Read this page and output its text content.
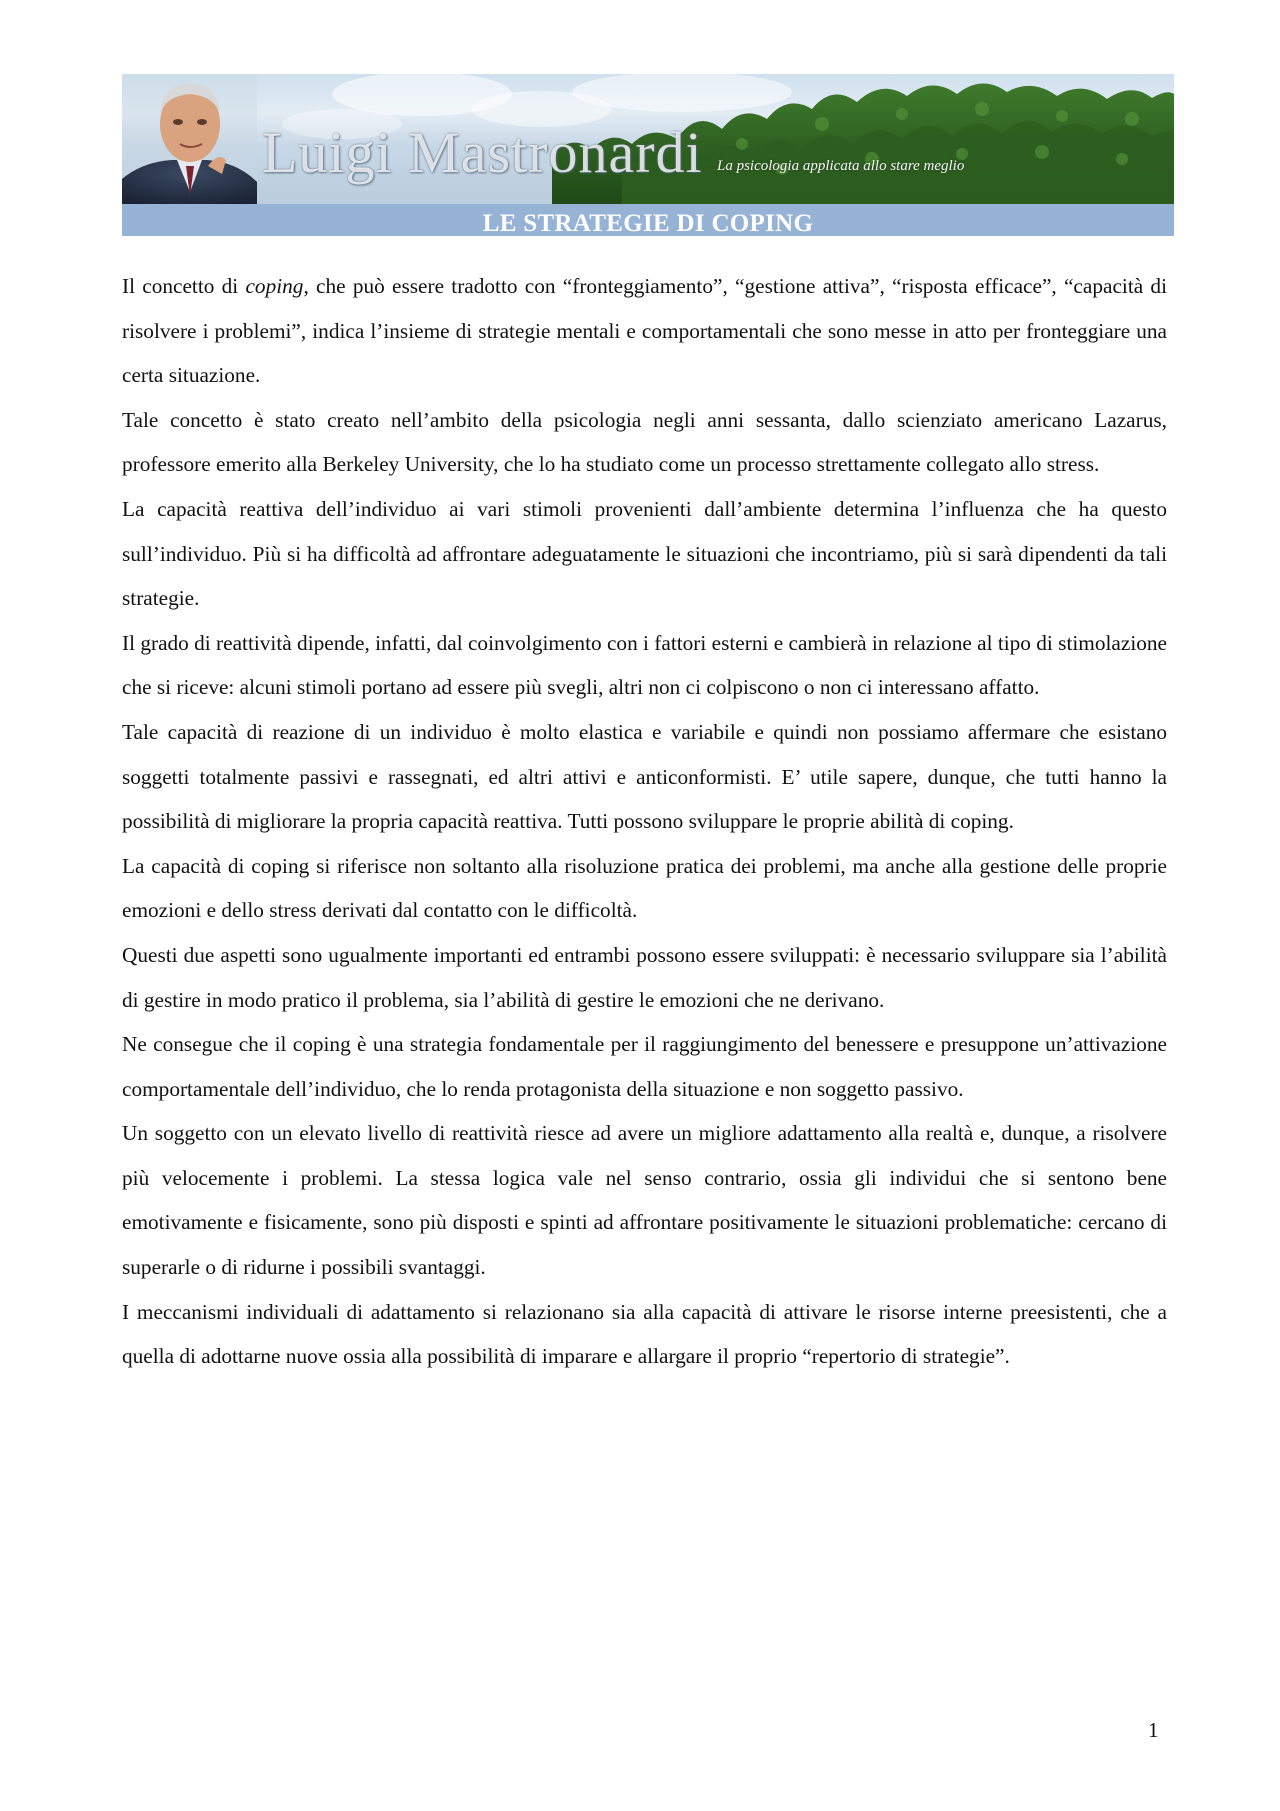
Luigi Mastronardi La psicologia applicata allo stare meglio
LE STRATEGIE DI COPING

Il concetto di coping, che può essere tradotto con “fronteggiamento”, “gestione attiva”, “risposta efficace”, “capacità di risolvere i problemi”, indica l’insieme di strategie mentali e comportamentali che sono messe in atto per fronteggiare una certa situazione.

Tale concetto è stato creato nell’ambito della psicologia negli anni sessanta, dallo scienziato americano Lazarus, professore emerito alla Berkeley University, che lo ha studiato come un processo strettamente collegato allo stress.

La capacità reattiva dell’individuo ai vari stimoli provenienti dall’ambiente determina l’influenza che ha questo sull’individuo. Più si ha difficoltà ad affrontare adeguatamente le situazioni che incontriamo, più si sarà dipendenti da tali strategie.

Il grado di reattività dipende, infatti, dal coinvolgimento con i fattori esterni e cambierà in relazione al tipo di stimolazione che si riceve: alcuni stimoli portano ad essere più svegli, altri non ci colpiscono o non ci interessano affatto.

Tale capacità di reazione di un individuo è molto elastica e variabile e quindi non possiamo affermare che esistano soggetti totalmente passivi e rassegnati, ed altri attivi e anticonformisti. E’ utile sapere, dunque, che tutti hanno la possibilità di migliorare la propria capacità reattiva. Tutti possono sviluppare le proprie abilità di coping.

La capacità di coping si riferisce non soltanto alla risoluzione pratica dei problemi, ma anche alla gestione delle proprie emozioni e dello stress derivati dal contatto con le difficoltà.

Questi due aspetti sono ugualmente importanti ed entrambi possono essere sviluppati: è necessario sviluppare sia l’abilità di gestire in modo pratico il problema, sia l’abilità di gestire le emozioni che ne derivano.

Ne consegue che il coping è una strategia fondamentale per il raggiungimento del benessere e presuppone un’attivazione comportamentale dell’individuo, che lo renda protagonista della situazione e non soggetto passivo.

Un soggetto con un elevato livello di reattività riesce ad avere un migliore adattamento alla realtà e, dunque, a risolvere più velocemente i problemi. La stessa logica vale nel senso contrario, ossia gli individui che si sentono bene emotivamente e fisicamente, sono più disposti e spinti ad affrontare positivamente le situazioni problematiche: cercano di superarle o di ridurne i possibili svantaggi.

I meccanismi individuali di adattamento si relazionano sia alla capacità di attivare le risorse interne preesistenti, che a quella di adottarne nuove ossia alla possibilità di imparare e allargare il proprio “repertorio di strategie”.

1
